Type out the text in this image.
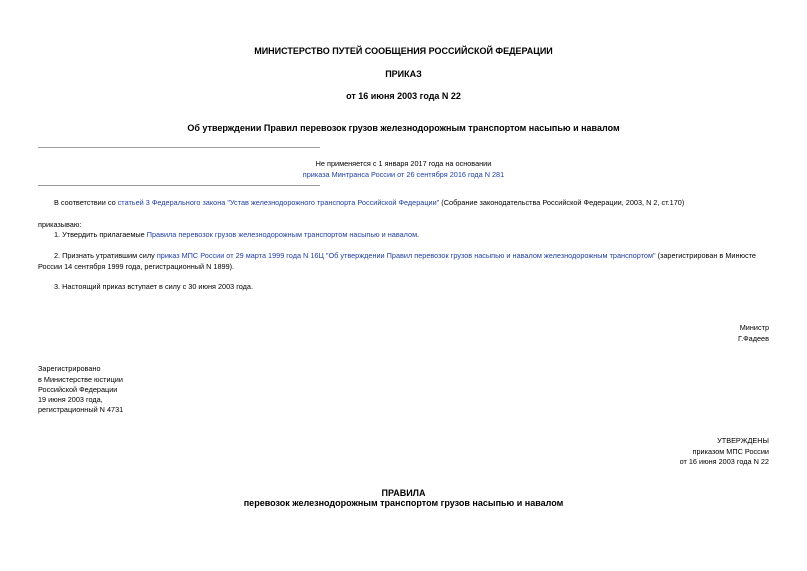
МИНИСТЕРСТВО ПУТЕЙ СООБЩЕНИЯ РОССИЙСКОЙ ФЕДЕРАЦИИ
ПРИКАЗ
от 16 июня 2003 года N 22
Об утверждении Правил перевозок грузов железнодорожным транспортом насыпью и навалом
Не применяется с 1 января 2017 года на основании
приказа Минтранса России от 26 сентября 2016 года N 281
В соответствии со статьей 3 Федерального закона "Устав железнодорожного транспорта Российской Федерации" (Собрание законодательства Российской Федерации, 2003, N 2, ст.170)
приказываю:
1. Утвердить прилагаемые Правила перевозок грузов железнодорожным транспортом насыпью и навалом.
2. Признать утратившим силу приказ МПС России от 29 марта 1999 года N 16Ц "Об утверждении Правил перевозок грузов насыпью и навалом железнодорожным транспортом" (зарегистрирован в Минюсте
России 14 сентября 1999 года, регистрационный N 1899).
3. Настоящий приказ вступает в силу с 30 июня 2003 года.
Министр
Г.Фадеев
Зарегистрировано
в Министерстве юстиции
Российской Федерации
19 июня 2003 года,
регистрационный N 4731
УТВЕРЖДЕНЫ
приказом МПС России
от 16 июня 2003 года N 22
ПРАВИЛА
перевозок железнодорожным транспортом грузов насыпью и навалом
